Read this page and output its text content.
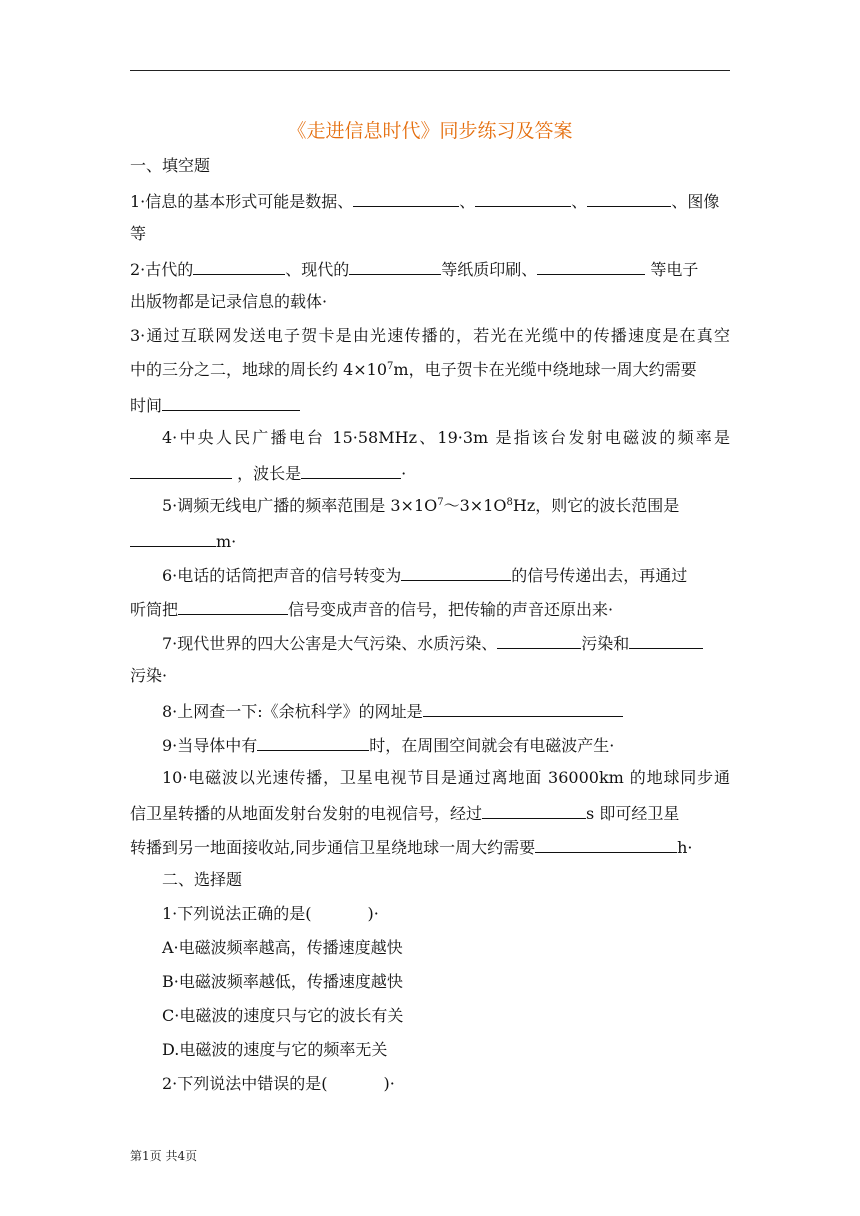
《走进信息时代》同步练习及答案
一、填空题
1·信息的基本形式可能是数据、	、	、	、图像
等
2·古代的	、现代的	等纸质印刷、	等电子
出版物都是记录信息的载体·
3·通过互联网发送电子贺卡是由光速传播的，若光在光缆中的传播速度是在真空
中的三分之二，地球的周长约 $4\times 10^7m$，电子贺卡在光缆中绕地球一周大约需要
时间
4·中央人民广播电台 15·58MHz、19·3m 是指该台发射电磁波的频率是
，波长是	·
5·调频无线电广播的频率范围是 $3\times 1O^7\sim 3\times 1O^8Hz$，则它的波长范围是
m·
6·电话的话筒把声音的信号转变为	的信号传递出去，再通过
听筒把	信号变成声音的信号，把传输的声音还原出来·
7·现代世界的四大公害是大气污染、水质污染、	污染和
污染·
8·上网查一下:《余杭科学》的网址是
9·当导体中有	时，在周围空间就会有电磁波产生·
10·电磁波以光速传播，卫星电视节目是通过离地面 36000km 的地球同步通
信卫星转播的从地面发射台发射的电视信号，经过	s 即可经卫星
转播到另一地面接收站,同步通信卫星绕地球一周大约需要	h·
二、选择题
1·下列说法正确的是(	)·
A·电磁波频率越高，传播速度越快
B·电磁波频率越低，传播速度越快
C·电磁波的速度只与它的波长有关
D.电磁波的速度与它的频率无关
2·下列说法中错误的是(	)·
第1页 共4页
